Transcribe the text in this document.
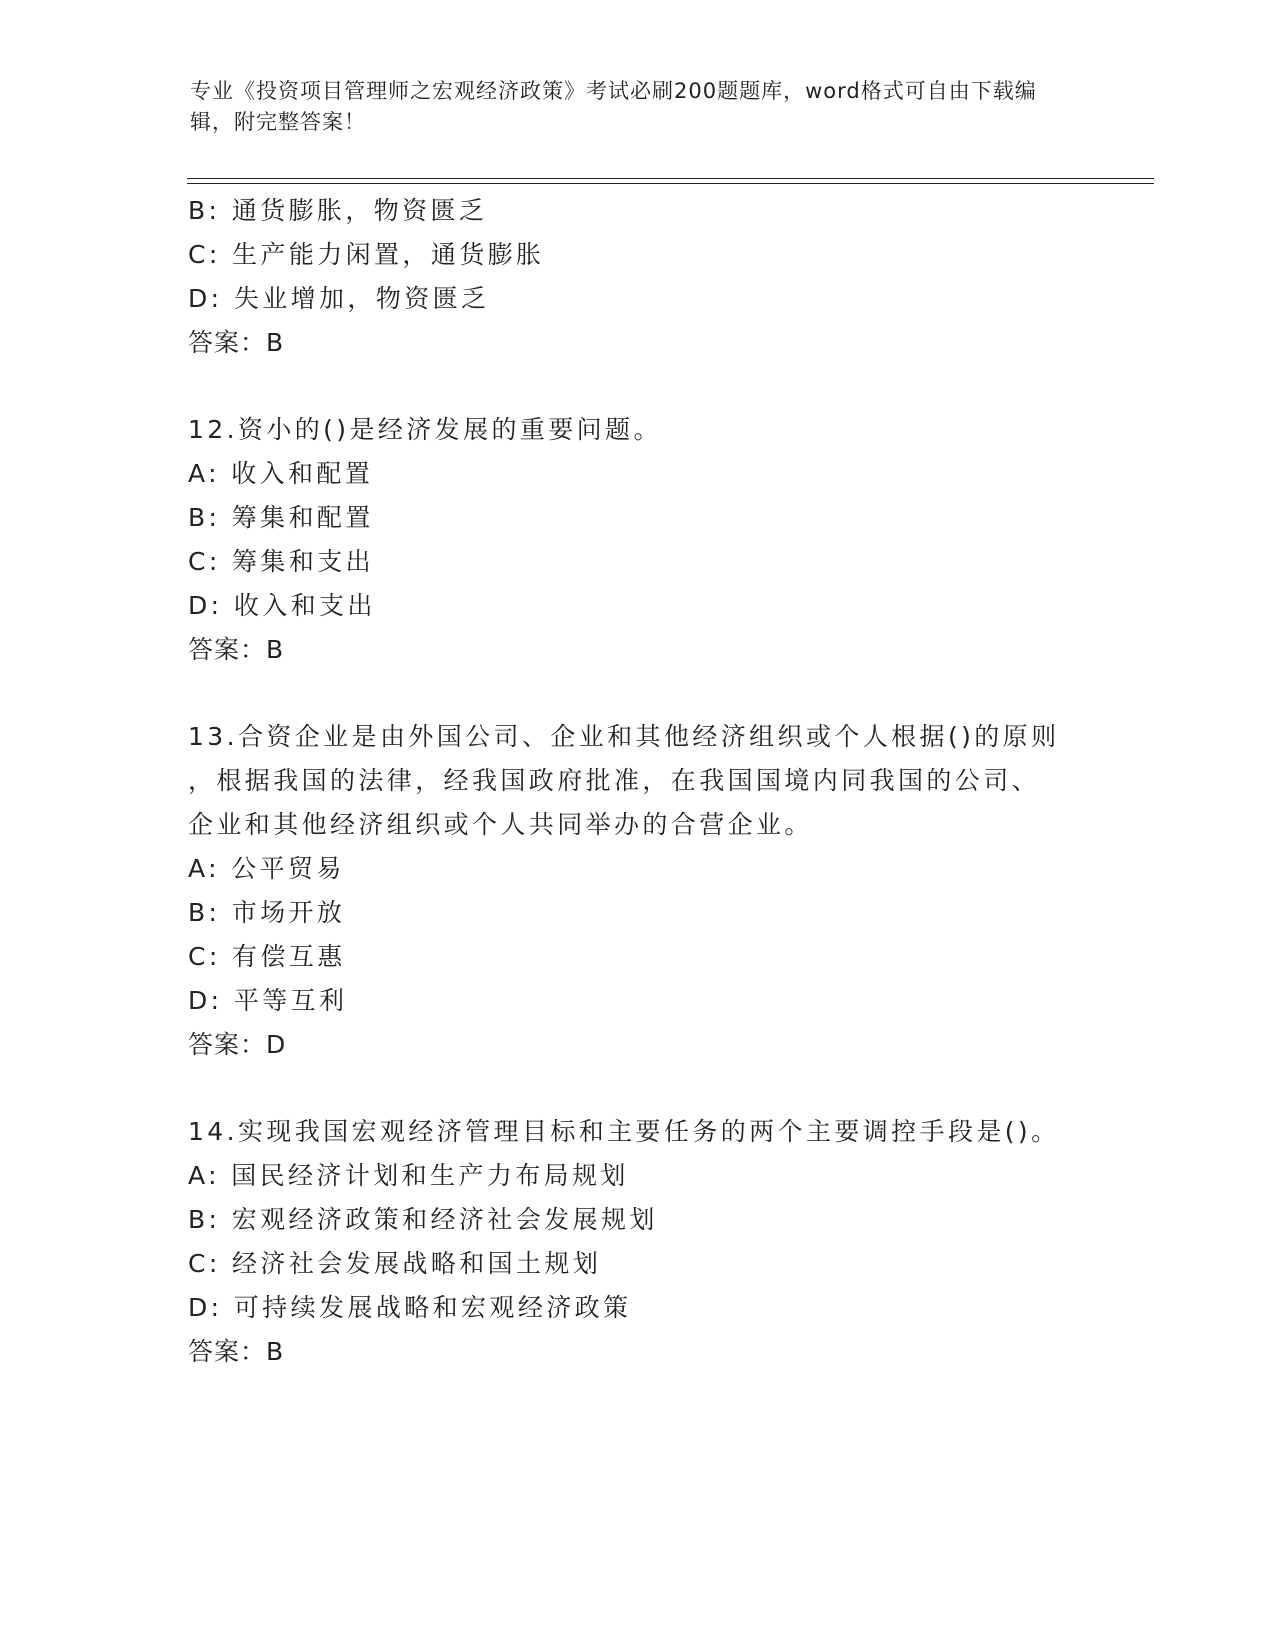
专业《投资项目管理师之宏观经济政策》考试必刷200题题库，word格式可自由下载编辑，附完整答案！
B: 通货膨胀，物资匮乏
C: 生产能力闲置，通货膨胀
D: 失业增加，物资匮乏
答案：B
12.资小的()是经济发展的重要问题。
A: 收入和配置
B: 筹集和配置
C: 筹集和支出
D: 收入和支出
答案：B
13.合资企业是由外国公司、企业和其他经济组织或个人根据()的原则
，根据我国的法律，经我国政府批准，在我国国境内同我国的公司、
企业和其他经济组织或个人共同举办的合营企业。
A: 公平贸易
B: 市场开放
C: 有偿互惠
D: 平等互利
答案：D
14.实现我国宏观经济管理目标和主要任务的两个主要调控手段是()。
A: 国民经济计划和生产力布局规划
B: 宏观经济政策和经济社会发展规划
C: 经济社会发展战略和国土规划
D: 可持续发展战略和宏观经济政策
答案：B
